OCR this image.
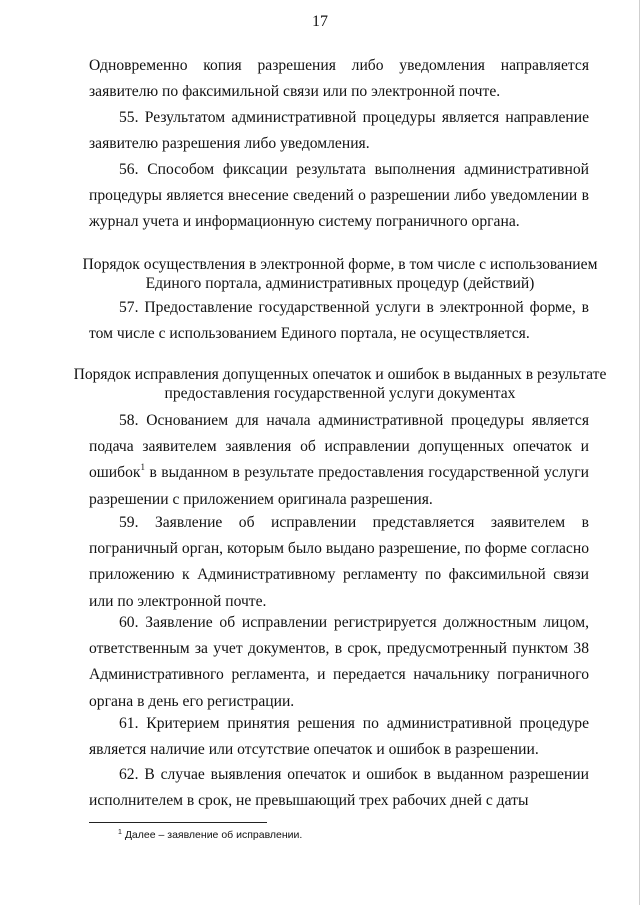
17

Одновременно копия разрешения либо уведомления направляется заявителю по факсимильной связи или по электронной почте.

55. Результатом административной процедуры является направление заявителю разрешения либо уведомления.

56. Способом фиксации результата выполнения административной процедуры является внесение сведений о разрешении либо уведомлении в журнал учета и информационную систему пограничного органа.

Порядок осуществления в электронной форме, в том числе с использованием Единого портала, административных процедур (действий)

57. Предоставление государственной услуги в электронной форме, в том числе с использованием Единого портала, не осуществляется.

Порядок исправления допущенных опечаток и ошибок в выданных в результате предоставления государственной услуги документах

58. Основанием для начала административной процедуры является подача заявителем заявления об исправлении допущенных опечаток и ошибок$^1$ в выданном в результате предоставления государственной услуги разрешении с приложением оригинала разрешения.

59. Заявление об исправлении представляется заявителем в пограничный орган, которым было выдано разрешение, по форме согласно приложению к Административному регламенту по факсимильной связи или по электронной почте.

60. Заявление об исправлении регистрируется должностным лицом, ответственным за учет документов, в срок, предусмотренный пунктом 38 Административного регламента, и передается начальнику пограничного органа в день его регистрации.

61. Критерием принятия решения по административной процедуре является наличие или отсутствие опечаток и ошибок в разрешении.

62. В случае выявления опечаток и ошибок в выданном разрешении исполнителем в срок, не превышающий трех рабочих дней с даты

$^1$ Далее – заявление об исправлении.
